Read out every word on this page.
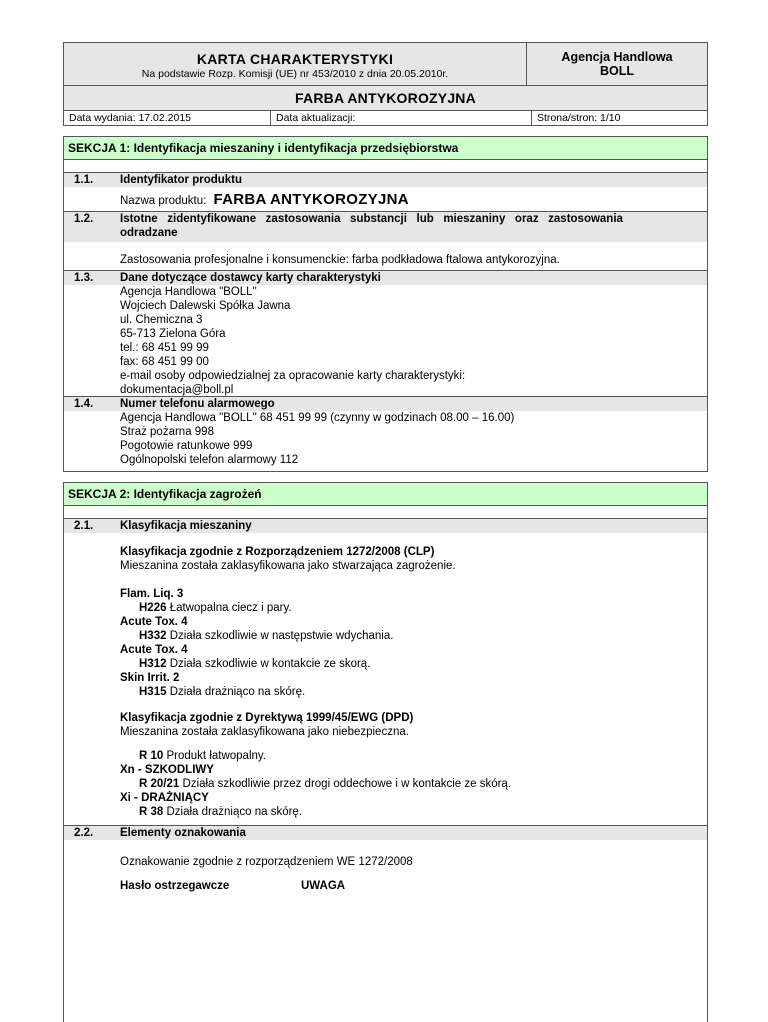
KARTA CHARAKTERYSTYKI
Na podstawie Rozp. Komisji (UE) nr 453/2010 z dnia 20.05.2010r.
Agencja Handlowa
BOLL
FARBA ANTYKOROZYJNA
Data wydania: 17.02.2015	Data aktualizacji:	Strona/stron: 1/10
SEKCJA 1: Identyfikacja mieszaniny i identyfikacja przedsiębiorstwa
1.1. Identyfikator produktu
Nazwa produktu: FARBA ANTYKOROZYJNA
1.2. Istotne   zidentyfikowane   zastosowania   substancji   lub   mieszaniny   oraz   zastosowania
odradzane
Zastosowania profesjonalne i konsumenckie: farba podkładowa ftalowa antykorozyjna.
1.3. Dane dotyczące dostawcy karty charakterystyki
Agencja Handlowa "BOLL"
Wojciech Dalewski Spółka Jawna
ul. Chemiczna 3
65-713 Zielona Góra
tel.: 68 451 99 99
fax: 68 451 99 00
e-mail osoby odpowiedzialnej za opracowanie karty charakterystyki:
dokumentacja@boll.pl
1.4. Numer telefonu alarmowego
Agencja Handlowa "BOLL" 68 451 99 99 (czynny w godzinach 08.00 – 16.00)
Straż pożarna 998
Pogotowie ratunkowe 999
Ogólnopolski telefon alarmowy 112
SEKCJA 2: Identyfikacja zagrożeń
2.1. Klasyfikacja mieszaniny
Klasyfikacja zgodnie z Rozporządzeniem 1272/2008 (CLP)
Mieszanina została zaklasyfikowana jako stwarzająca zagrożenie.
Flam. Liq. 3
H226 Łatwopalna ciecz i pary.
Acute Tox. 4
H332 Działa szkodliwie w następstwie wdychania.
Acute Tox. 4
H312 Działa szkodliwie w kontakcie ze skorą.
Skin Irrit. 2
H315 Działa drażniąco na skórę.
Klasyfikacja zgodnie z Dyrektywą 1999/45/EWG (DPD)
Mieszanina została zaklasyfikowana jako niebezpieczna.
R 10 Produkt łatwopalny.
Xn - SZKODLIWY
R 20/21 Działa szkodliwie przez drogi oddechowe i w kontakcie ze skórą.
Xi - DRAŻNIĄCY
R 38 Działa drażniąco na skórę.
2.2. Elementy oznakowania
Oznakowanie zgodnie z rozporządzeniem WE 1272/2008
Hasło ostrzegawcze	UWAGA
